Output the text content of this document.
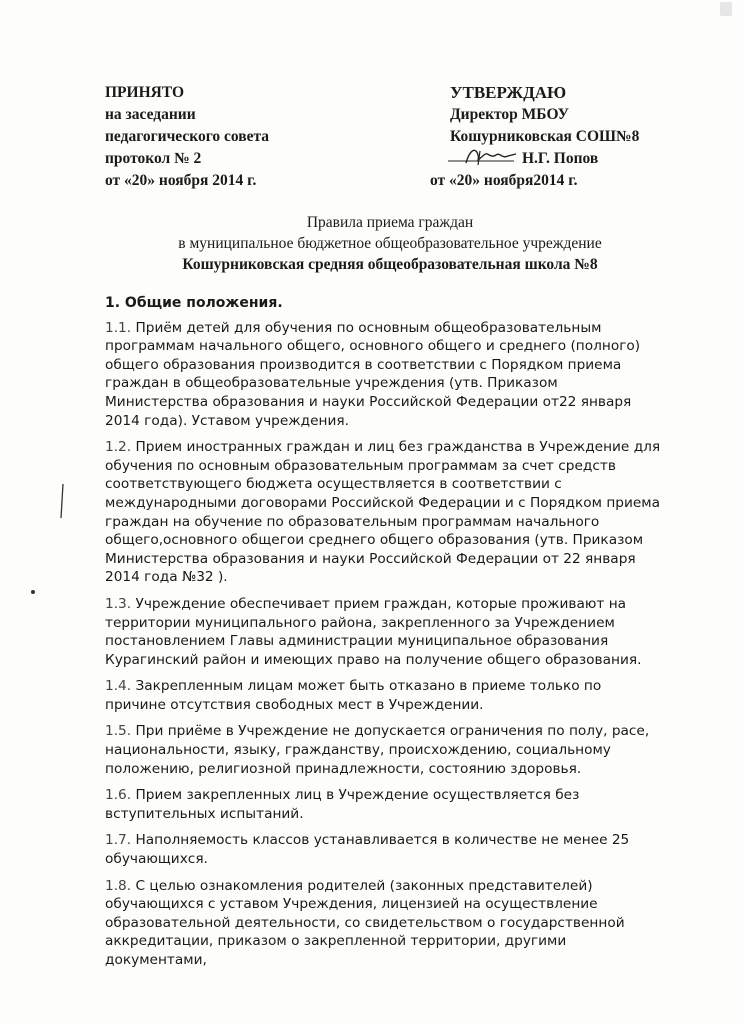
ПРИНЯТО
на заседании
педагогического совета
протокол № 2
от «20» ноября 2014 г.
УТВЕРЖДАЮ
Директор МБОУ
Кошурниковская СОШ№8
Н.Г. Попов
от «20» ноября2014 г.
Правила приема граждан
в муниципальное бюджетное общеобразовательное учреждение
Кошурниковская средняя общеобразовательная школа №8
1. Общие положения.

1.1. Приём детей для обучения по основным общеобразовательным программам начального общего, основного общего и среднего (полного) общего образования производится в соответствии с Порядком приема граждан в общеобразовательные учреждения (утв. Приказом Министерства образования и науки Российской Федерации от22 января 2014 года). Уставом учреждения.

1.2. Прием иностранных граждан и лиц без гражданства в Учреждение для обучения по основным образовательным программам за счет средств соответствующего бюджета осуществляется в соответствии с международными договорами Российской Федерации и с Порядком приема граждан на обучение по образовательным программам начального общего,основного общегои среднего общего образования (утв. Приказом Министерства образования и науки Российской Федерации от 22 января 2014 года №32 ).

1.3. Учреждение обеспечивает прием граждан, которые проживают на территории муниципального района, закрепленного за Учреждением постановлением Главы администрации муниципальное образования Курагинский район и имеющих право на получение общего образования.

1.4. Закрепленным лицам может быть отказано в приеме только по причине отсутствия свободных мест в Учреждении.

1.5. При приёме в Учреждение не допускается ограничения по полу, расе, национальности, языку, гражданству, происхождению, социальному положению, религиозной принадлежности, состоянию здоровья.

1.6. Прием закрепленных лиц в Учреждение осуществляется без вступительных испытаний.

1.7. Наполняемость классов устанавливается в количестве не менее 25 обучающихся.

1.8. С целью ознакомления родителей (законных представителей) обучающихся с уставом Учреждения, лицензией на осуществление образовательной деятельности, со свидетельством о государственной аккредитации, приказом о закрепленной территории, другими документами,
